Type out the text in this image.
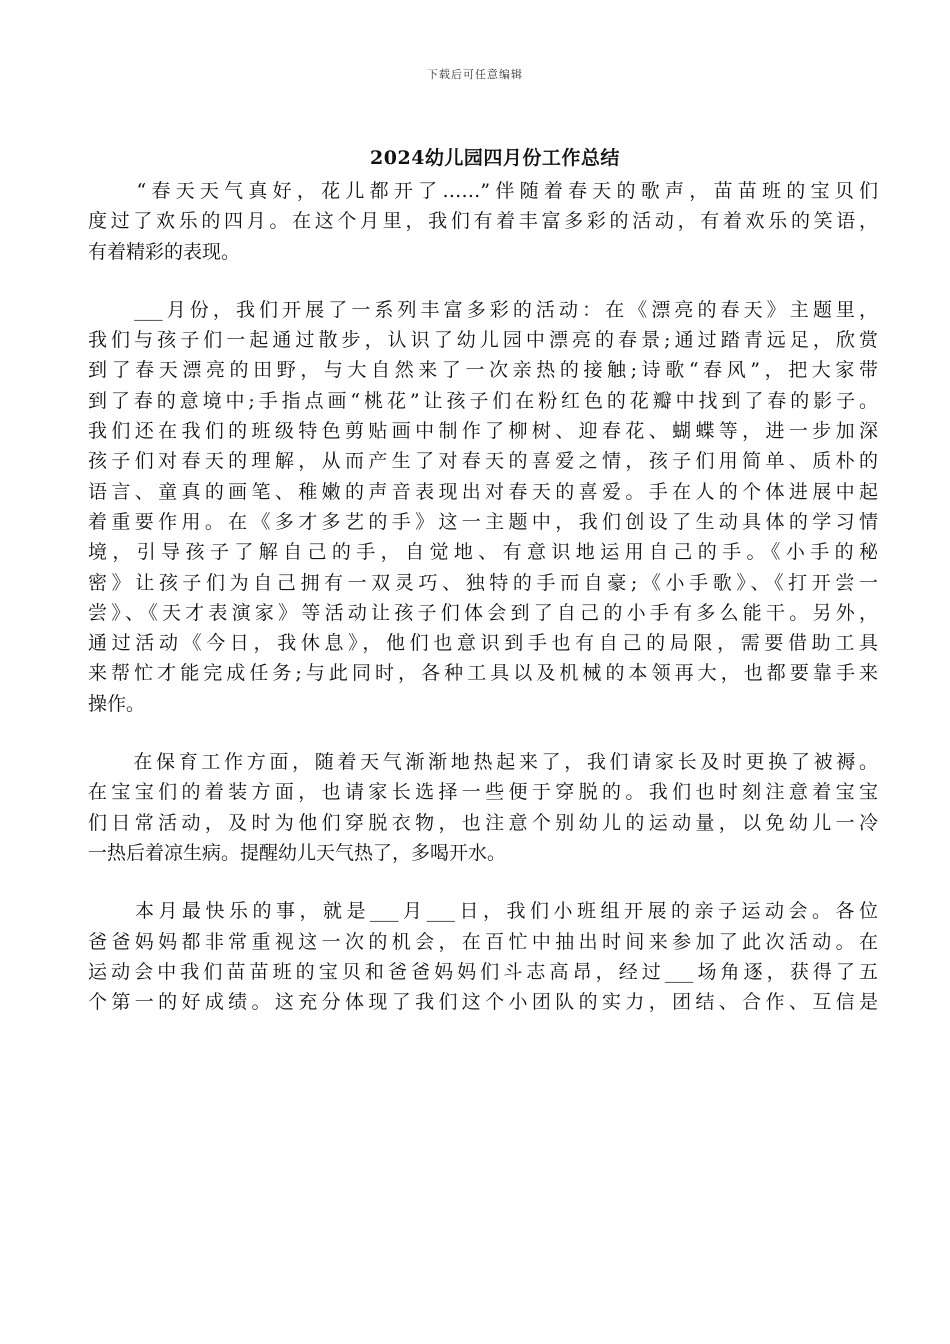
下载后可任意编辑
2024幼儿园四月份工作总结
　　“春天天气真好，花儿都开了……”伴随着春天的歌声，苗苗班的宝贝们
度过了欢乐的四月。在这个月里，我们有着丰富多彩的活动，有着欢乐的笑语，
有着精彩的表现。
　　___月份，我们开展了一系列丰富多彩的活动：在《漂亮的春天》主题里，
我们与孩子们一起通过散步，认识了幼儿园中漂亮的春景;通过踏青远足，欣赏
到了春天漂亮的田野，与大自然来了一次亲热的接触;诗歌“春风”，把大家带
到了春的意境中;手指点画“桃花”让孩子们在粉红色的花瓣中找到了春的影子。
我们还在我们的班级特色剪贴画中制作了柳树、迎春花、蝴蝶等，进一步加深
孩子们对春天的理解，从而产生了对春天的喜爱之情，孩子们用简单、质朴的
语言、童真的画笔、稚嫩的声音表现出对春天的喜爱。手在人的个体进展中起
着重要作用。在《多才多艺的手》这一主题中，我们创设了生动具体的学习情
境，引导孩子了解自己的手，自觉地、有意识地运用自己的手。《小手的秘
密》让孩子们为自己拥有一双灵巧、独特的手而自豪;《小手歌》、《打开尝一
尝》、《天才表演家》等活动让孩子们体会到了自己的小手有多么能干。另外，
通过活动《今日，我休息》，他们也意识到手也有自己的局限，需要借助工具
来帮忙才能完成任务;与此同时，各种工具以及机械的本领再大，也都要靠手来
操作。
　　在保育工作方面，随着天气渐渐地热起来了，我们请家长及时更换了被褥。
在宝宝们的着装方面，也请家长选择一些便于穿脱的。我们也时刻注意着宝宝
们日常活动，及时为他们穿脱衣物，也注意个别幼儿的运动量，以免幼儿一冷
一热后着凉生病。提醒幼儿天气热了，多喝开水。
　　本月最快乐的事，就是___月___日，我们小班组开展的亲子运动会。各位
爸爸妈妈都非常重视这一次的机会，在百忙中抽出时间来参加了此次活动。在
运动会中我们苗苗班的宝贝和爸爸妈妈们斗志高昂，经过___场角逐，获得了五
个第一的好成绩。这充分体现了我们这个小团队的实力，团结、合作、互信是
